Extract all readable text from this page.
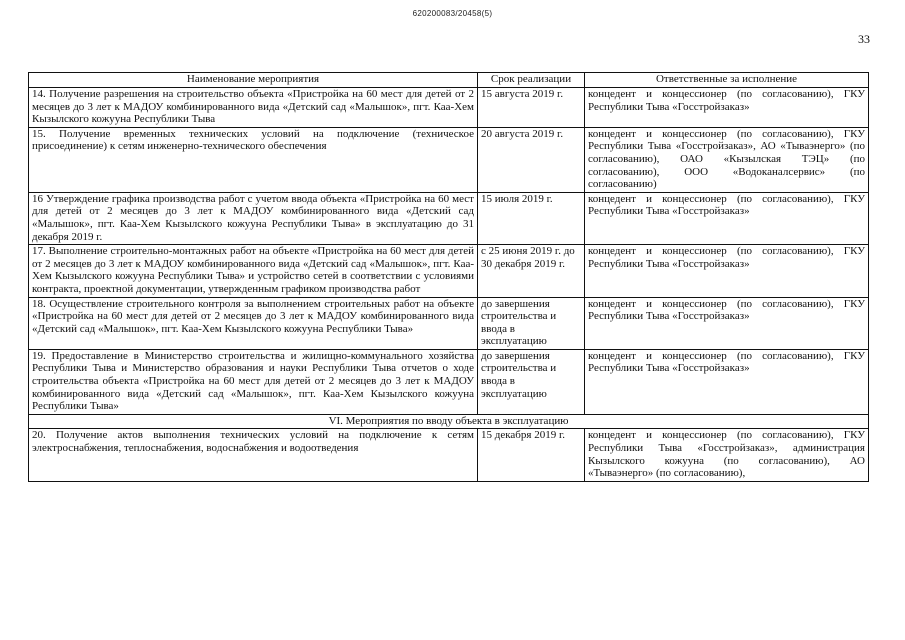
620200083/20458(5)
33
Наименование мероприятия	Срок реализации	Ответственные за исполнение
14. Получение разрешения на строительство объекта «Пристройка на 60 мест для детей от 2 месяцев до 3 лет к МАДОУ комбинированного вида «Детский сад «Малышок», пгт. Каа-Хем Кызылского кожууна Республики Тыва	15 августа 2019 г.	концедент и концессионер (по согласованию), ГКУ Республики Тыва «Госстройзаказ»
15. Получение временных технических условий на подключение (техническое присоединение) к сетям инженерно-технического обеспечения	20 августа 2019 г.	концедент и концессионер (по согласованию), ГКУ Республики Тыва «Госстройзаказ», АО «Тываэнерго» (по согласованию), ОАО «Кызылская ТЭЦ» (по согласованию), ООО «Водоканалсервис» (по согласованию)
16 Утверждение графика производства работ с учетом ввода объекта «Пристройка на 60 мест для детей от 2 месяцев до 3 лет к МАДОУ комбинированного вида «Детский сад «Малышок», пгт. Каа-Хем Кызылского кожууна Республики Тыва» в эксплуатацию до 31 декабря 2019 г.	15 июля 2019 г.	концедент и концессионер (по согласованию), ГКУ Республики Тыва «Госстройзаказ»
17. Выполнение строительно-монтажных работ на объекте «Пристройка на 60 мест для детей от 2 месяцев до 3 лет к МАДОУ комбинированного вида «Детский сад «Малышок», пгт. Каа-Хем Кызылского кожууна Республики Тыва» и устройство сетей в соответствии с условиями контракта, проектной документации, утвержденным графиком производства работ	с 25 июня 2019 г. до 30 декабря 2019 г.	концедент и концессионер (по согласованию), ГКУ Республики Тыва «Госстройзаказ»
18. Осуществление строительного контроля за выполнением строительных работ на объекте «Пристройка на 60 мест для детей от 2 месяцев до 3 лет к МАДОУ комбинированного вида «Детский сад «Малышок», пгт. Каа-Хем Кызылского кожууна Республики Тыва»	до завершения строительства и ввода в эксплуатацию	концедент и концессионер (по согласованию), ГКУ Республики Тыва «Госстройзаказ»
19. Предоставление в Министерство строительства и жилищно-коммунального хозяйства Республики Тыва и Министерство образования и науки Республики Тыва отчетов о ходе строительства объекта «Пристройка на 60 мест для детей от 2 месяцев до 3 лет к МАДОУ комбинированного вида «Детский сад «Малышок», пгт. Каа-Хем Кызылского кожууна Республики Тыва»	до завершения строительства и ввода в эксплуатацию	концедент и концессионер (по согласованию), ГКУ Республики Тыва «Госстройзаказ»
VI. Мероприятия по вводу объекта в эксплуатацию		
20. Получение актов выполнения технических условий на подключение к сетям электроснабжения, теплоснабжения, водоснабжения и водоотведения	15 декабря 2019 г.	концедент и концессионер (по согласованию), ГКУ Республики Тыва «Госстройзаказ», администрация Кызылского кожууна (по согласованию), АО «Тываэнерго» (по согласованию),
